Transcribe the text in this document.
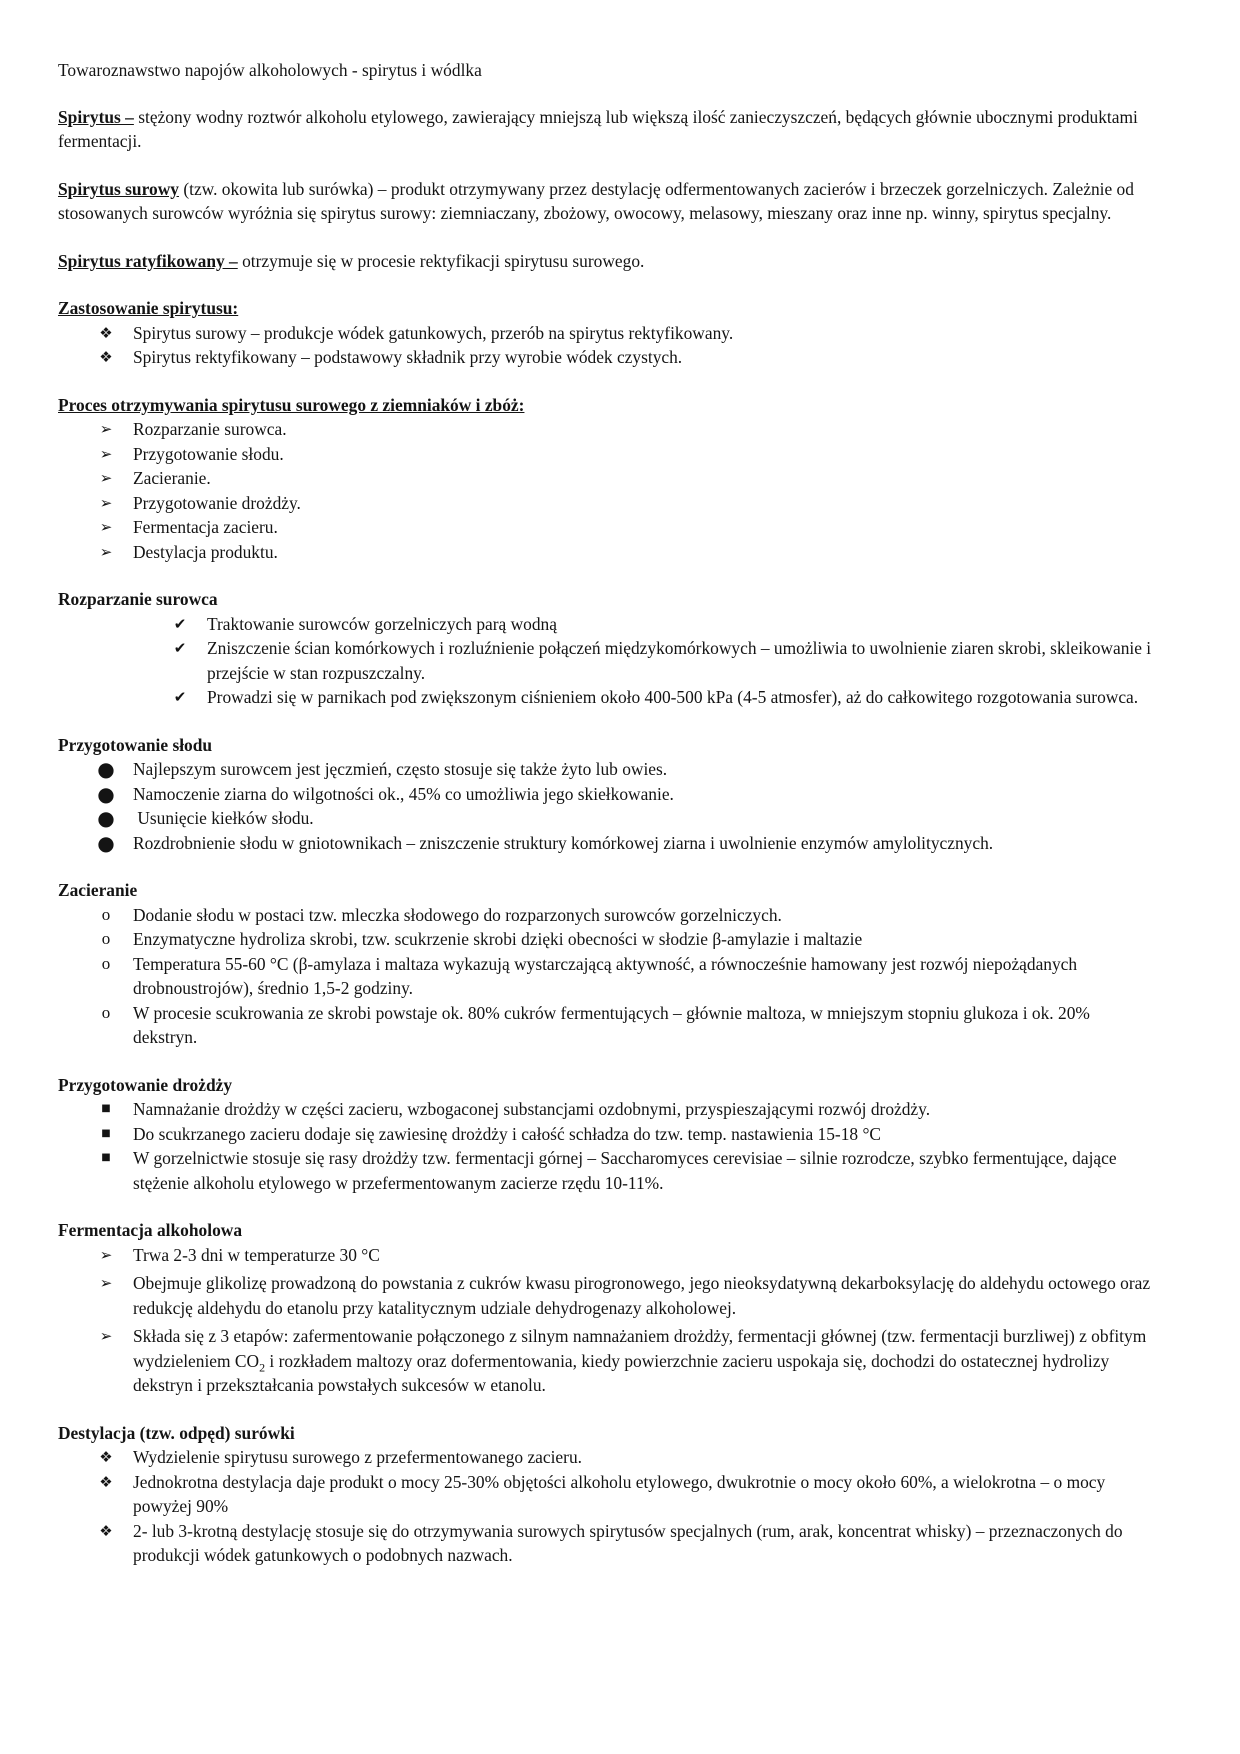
Towaroznawstwo napojów alkoholowych - spirytus i wódlka

Spirytus – stężony wodny roztwór alkoholu etylowego, zawierający mniejszą lub większą ilość zanieczyszczeń, będących głównie ubocznymi produktami fermentacji.

Spirytus surowy (tzw. okowita lub surówka) – produkt otrzymywany przez destylację odfermentowanych zacierów i brzeczek gorzelniczych. Zależnie od stosowanych surowców wyróżnia się spirytus surowy: ziemniaczany, zbożowy, owocowy, melasowy, mieszany oraz inne np. winny, spirytus specjalny.

Spirytus ratyfikowany – otrzymuje się w procesie rektyfikacji spirytusu surowego.

Zastosowanie spirytusu:

❖ Spirytus surowy – produkcje wódek gatunkowych, przerób na spirytus rektyfikowany.
❖ Spirytus rektyfikowany – podstawowy składnik przy wyrobie wódek czystych.

Proces otrzymywania spirytusu surowego z ziemniaków i zbóż:

➢ Rozparzanie surowca.
➢ Przygotowanie słodu.
➢ Zacieranie.
➢ Przygotowanie drożdży.
➢ Fermentacja zacieru.
➢ Destylacja produktu.

Rozparzanie surowca

✔ Traktowanie surowców gorzelniczych parą wodną
✔ Zniszczenie ścian komórkowych i rozluźnienie połączeń międzykomórkowych – umożliwia to uwolnienie ziaren skrobi, skleikowanie i przejście w stan rozpuszczalny.
✔ Prowadzi się w parnikach pod zwiększonym ciśnieniem około 400-500 kPa (4-5 atmosfer), aż do całkowitego rozgotowania surowca.

Przygotowanie słodu

● Najlepszym surowcem jest jęczmień, często stosuje się także żyto lub owies.
● Namoczenie ziarna do wilgotności ok., 45% co umożliwia jego skiełkowanie.
● Usunięcie kiełków słodu.
● Rozdrobnienie słodu w gniotownikach – zniszczenie struktury komórkowej ziarna i uwolnienie enzymów amylolitycznych.

Zacieranie

o	Dodanie słodu w postaci tzw. mleczka słodowego do rozparzonych surowców gorzelniczych.
o	Enzymatyczne hydroliza skrobi, tzw. scukrzenie skrobi dzięki obecności w słodzie β-amylazie i maltazie
o	Temperatura 55-60 °C (β-amylaza i maltaza wykazują wystarczającą aktywność, a równocześnie hamowany jest rozwój niepożądanych drobnoustrojów), średnio 1,5-2 godziny.
o	W procesie scukrowania ze skrobi powstaje ok. 80% cukrów fermentujących – głównie maltoza, w mniejszym stopniu glukoza i ok. 20% dekstryn.

Przygotowanie drożdży

■	Namnażanie drożdży w części zacieru, wzbogaconej substancjami ozdobnymi, przyspieszającymi rozwój drożdży.
■	Do scukrzanego zacieru dodaje się zawiesinę drożdży i całość schładza do tzw. temp. nastawienia 15-18 °C
■	W gorzelnictwie stosuje się rasy drożdży tzw. fermentacji górnej – Saccharomyces cerevisiae – silnie rozrodcze, szybko fermentujące, dające stężenie alkoholu etylowego w przefermentowanym zacierze rzędu 10-11%.

Fermentacja alkoholowa

➢ Trwa 2-3 dni w temperaturze 30 °C
➢ Obejmuje glikolizę prowadzoną do powstania z cukrów kwasu pirogronowego, jego nieoksydatywną dekarboksylację do aldehydu octowego oraz redukcję aldehydu do etanolu przy katalitycznym udziale dehydrogenazy alkoholowej.
➢ Składa się z 3 etapów: zafermentowanie połączonego z silnym namnażaniem drożdży, fermentacji głównej (tzw. fermentacji burzliwej) z obfitym wydzieleniem $CO_2$ i rozkładem maltozy oraz dofermentowania, kiedy powierzchnie zacieru uspokaja się, dochodzi do ostatecznej hydrolizy dekstryn i przekształcania powstałych sukcesów w etanolu.

Destylacja (tzw. odpęd) surówki

❖ Wydzielenie spirytusu surowego z przefermentowanego zacieru.
❖ Jednokrotna destylacja daje produkt o mocy 25-30% objętości alkoholu etylowego, dwukrotnie o mocy około 60%, a wielokrotna – o mocy powyżej 90%
❖ 2- lub 3-krotną destylację stosuje się do otrzymywania surowych spirytusów specjalnych (rum, arak, koncentrat whisky) – przeznaczonych do produkcji wódek gatunkowych o podobnych nazwach.
